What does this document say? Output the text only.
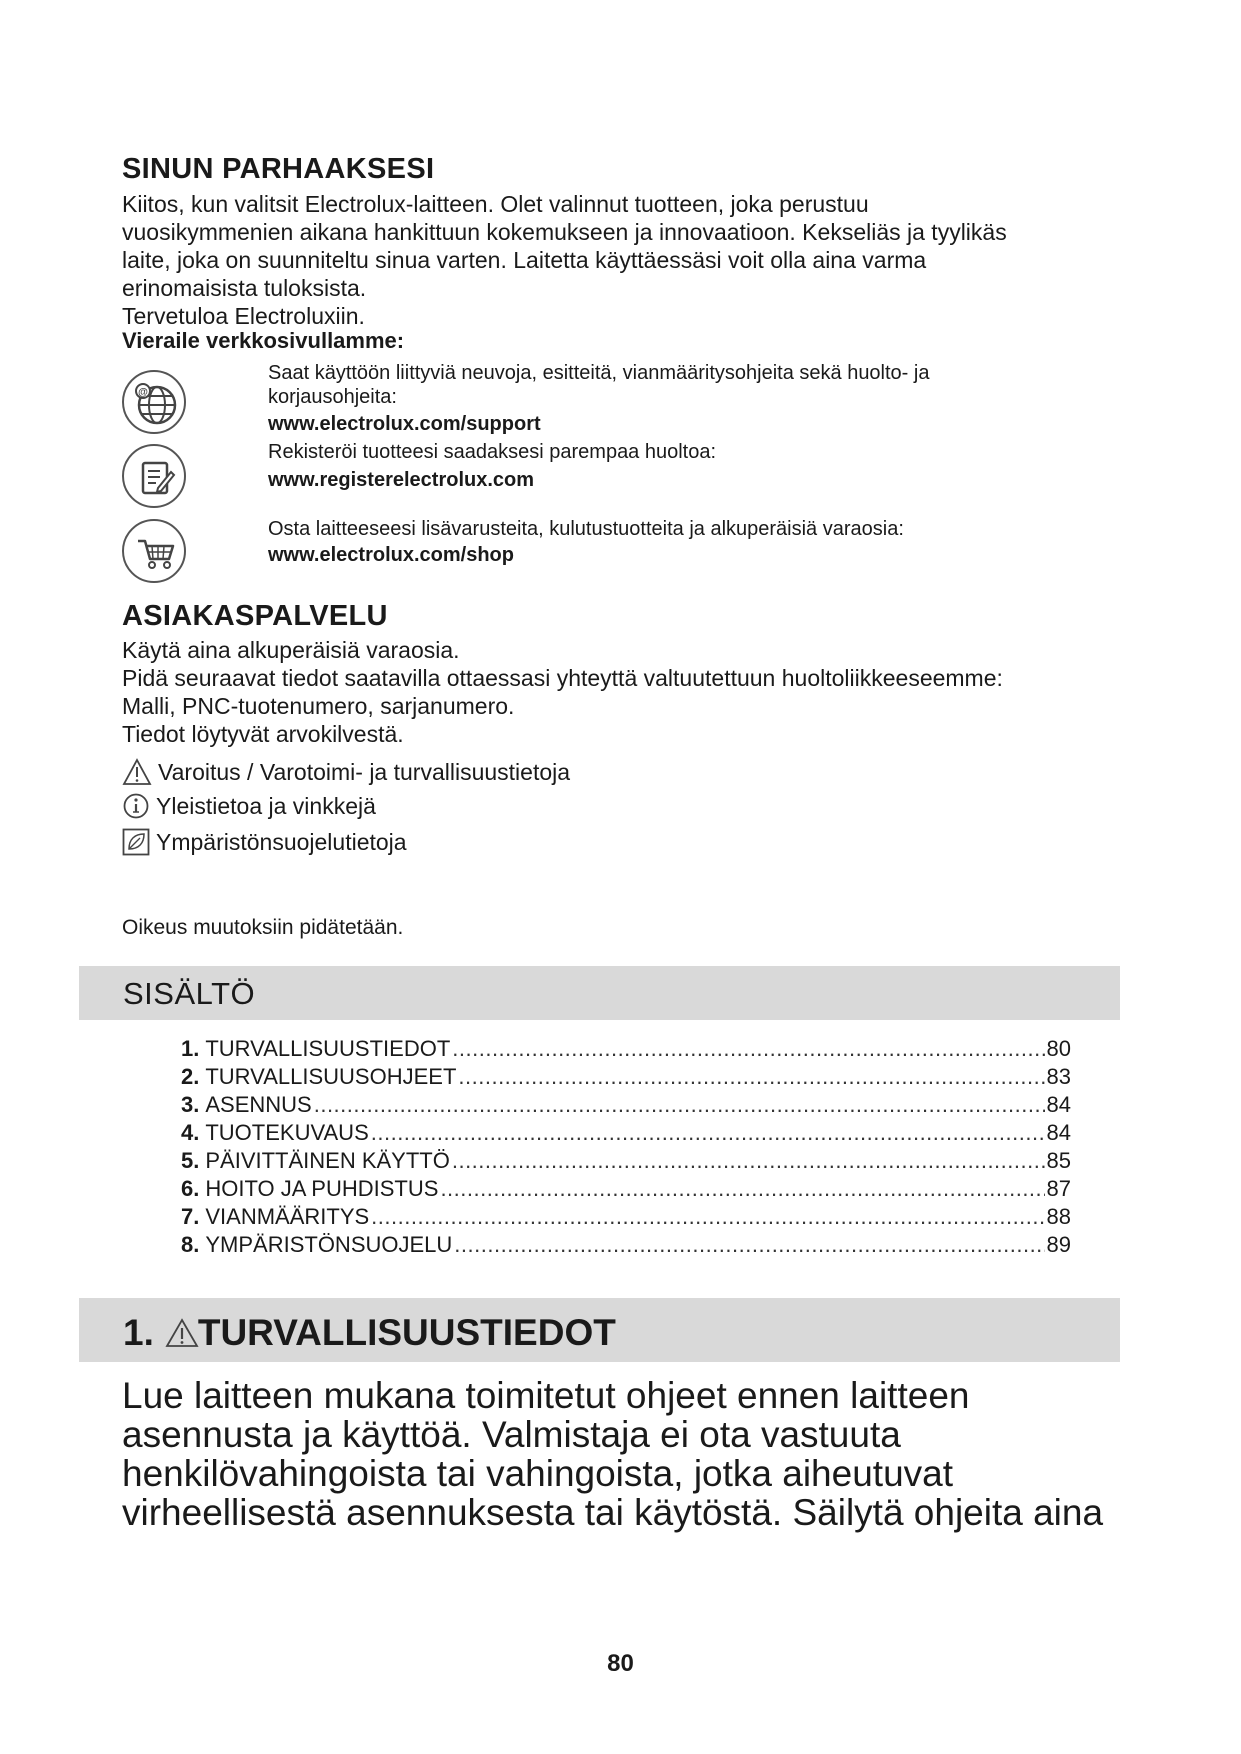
SINUN PARHAAKSESI
Kiitos, kun valitsit Electrolux-laitteen. Olet valinnut tuotteen, joka perustuu
vuosikymmenien aikana hankittuun kokemukseen ja innovaatioon. Kekseliäs ja tyylikäs
laite, joka on suunniteltu sinua varten. Laitetta käyttäessäsi voit olla aina varma
erinomaisista tuloksista.
Tervetuloa Electroluxiin.
Vieraile verkkosivullamme:
@
Saat käyttöön liittyviä neuvoja, esitteitä, vianmääritysohjeita sekä huolto- ja
korjausohjeita:
www.electrolux.com/support
Rekisteröi tuotteesi saadaksesi parempaa huoltoa:
www.registerelectrolux.com
Osta laitteeseesi lisävarusteita, kulutustuotteita ja alkuperäisiä varaosia:
www.electrolux.com/shop
ASIAKASPALVELU
Käytä aina alkuperäisiä varaosia.
Pidä seuraavat tiedot saatavilla ottaessasi yhteyttä valtuutettuun huoltoliikkeeseemme:
Malli, PNC-tuotenumero, sarjanumero.
Tiedot löytyvät arvokilvestä.
Varoitus / Varotoimi- ja turvallisuustietoja
Yleistietoa ja vinkkejä
Ympäristönsuojelutietoja
Oikeus muutoksiin pidätetään.
SISÄLTÖ
1. TURVALLISUUSTIEDOT .....	80
2. TURVALLISUUSOHJEET .....	83
3. ASENNUS .....	84
4. TUOTEKUVAUS .....	84
5. PÄIVITTÄINEN KÄYTTÖ .....	85
6. HOITO JA PUHDISTUS .....	87
7. VIANMÄÄRITYS .....	88
8. YMPÄRISTÖNSUOJELU .....	89
1. TURVALLISUUSTIEDOT
Lue laitteen mukana toimitetut ohjeet ennen laitteen
asennusta ja käyttöä. Valmistaja ei ota vastuuta
henkilövahingoista tai vahingoista, jotka aiheutuvat
virheellisestä asennuksesta tai käytöstä. Säilytä ohjeita aina
80
